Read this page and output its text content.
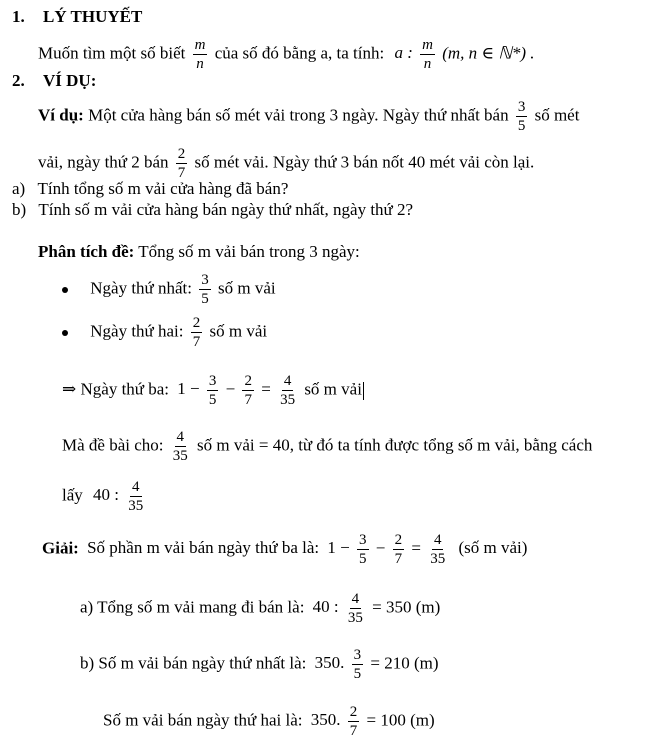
1. LÝ THUYẾT
Muốn tìm một số biết $\frac{m}{n}$ của số đó bằng a, ta tính: a : $\frac{m}{n} (m$, n ∈ ℕ*) .
2. VÍ DỤ:
Ví dụ: Một cửa hàng bán số mét vải trong 3 ngày. Ngày thứ nhất bán $\frac{3}{5}$ số mét
vải, ngày thứ 2 bán $\frac{2}{7}$ số mét vải. Ngày thứ 3 bán nốt 40 mét vải còn lại.
a) Tính tổng số m vải cửa hàng đã bán?
b) Tính số m vải cửa hàng bán ngày thứ nhất, ngày thứ 2?
Phân tích đề: Tổng số m vải bán trong 3 ngày:
Ngày thứ nhất: $\frac{3}{5}$ số m vải
Ngày thứ hai: $\frac{2}{7}$ số m vải
⇒ Ngày thứ ba: $1 - \frac{3}{5} - \frac{2}{7} = \frac{4}{35}$ số m vải
Mà đề bài cho: $\frac{4}{35}$ số m vải = 40, từ đó ta tính được tổng số m vải, bằng cách
lấy 40 : $\frac{4}{35}$
Giải: Số phần m vải bán ngày thứ ba là: $1 - \frac{3}{5} - \frac{2}{7} = \frac{4}{35}$ (số m vải)
a) Tổng số m vải mang đi bán là: 40 : $\frac{4}{35} = 350$ (m)
b) Số m vải bán ngày thứ nhất là: 350. $\frac{3}{5} = 210$ (m)
Số m vải bán ngày thứ hai là: 350. $\frac{2}{7} = 100$ (m)
